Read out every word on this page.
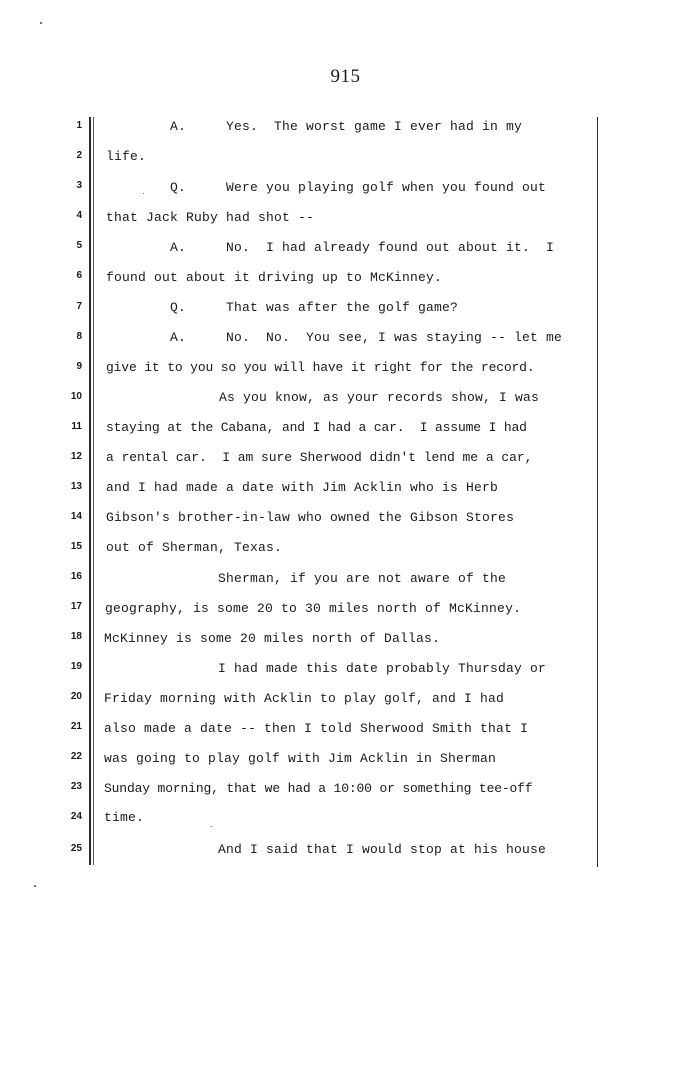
915
1
2
3
4
5
6
7
8
9
10
11
12
13
14
15
16
17
18
19
20
21
22
23
24
25
A.     Yes.  The worst game I ever had in my
life.
Q.     Were you playing golf when you found out
that Jack Ruby had shot --
A.     No.  I had already found out about it.  I
found out about it driving up to McKinney.
Q.     That was after the golf game?
A.     No.  No.  You see, I was staying -- let me
give it to you so you will have it right for the record.
As you know, as your records show, I was
staying at the Cabana, and I had a car.  I assume I had
a rental car.  I am sure Sherwood didn't lend me a car,
and I had made a date with Jim Acklin who is Herb
Gibson's brother-in-law who owned the Gibson Stores
out of Sherman, Texas.
Sherman, if you are not aware of the
geography, is some 20 to 30 miles north of McKinney.
McKinney is some 20 miles north of Dallas.
I had made this date probably Thursday or
Friday morning with Acklin to play golf, and I had
also made a date -- then I told Sherwood Smith that I
was going to play golf with Jim Acklin in Sherman
Sunday morning, that we had a 10:00 or something tee-off
time.
And I said that I would stop at his house
